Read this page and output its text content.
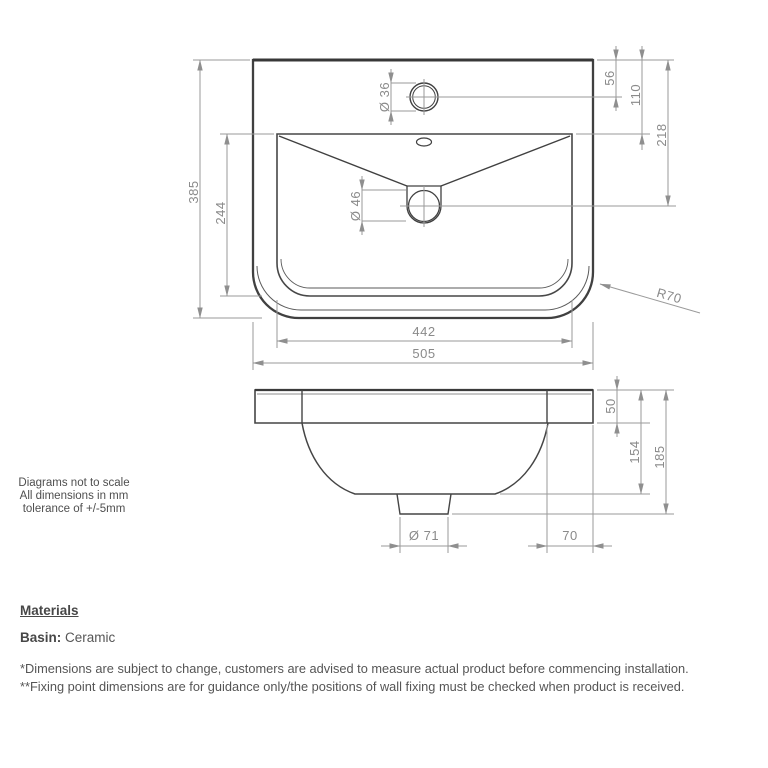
385
244
56
110
218
Ø 36
Ø 46
442
505
R70
50
154 185
Ø 71	70
Diagrams not to scale
All dimensions in mm
tolerance of +/-5mm
Materials
Basin: Ceramic
*Dimensions are subject to change, customers are advised to measure actual product before commencing installation.
**Fixing point dimensions are for guidance only/the positions of wall fixing must be checked when product is received.
